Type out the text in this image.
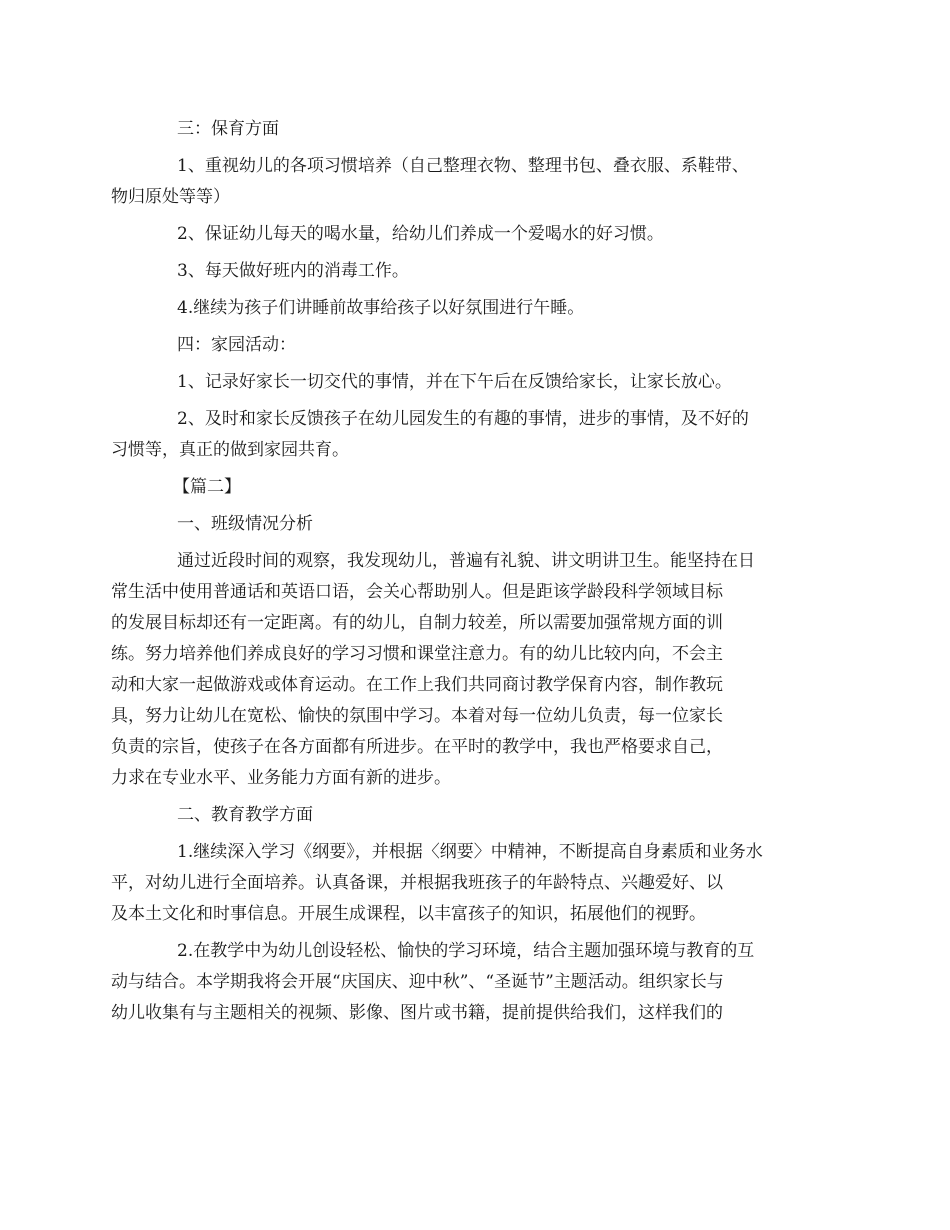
三：保育方面
1、重视幼儿的各项习惯培养（自己整理衣物、整理书包、叠衣服、系鞋带、
物归原处等等）
2、保证幼儿每天的喝水量，给幼儿们养成一个爱喝水的好习惯。
3、每天做好班内的消毒工作。
4.继续为孩子们讲睡前故事给孩子以好氛围进行午睡。
四：家园活动：
1、记录好家长一切交代的事情，并在下午后在反馈给家长，让家长放心。
2、及时和家长反馈孩子在幼儿园发生的有趣的事情，进步的事情，及不好的
习惯等，真正的做到家园共育。
【篇二】
一、班级情况分析
通过近段时间的观察，我发现幼儿，普遍有礼貌、讲文明讲卫生。能坚持在日
常生活中使用普通话和英语口语，会关心帮助别人。但是距该学龄段科学领域目标
的发展目标却还有一定距离。有的幼儿，自制力较差，所以需要加强常规方面的训
练。努力培养他们养成良好的学习习惯和课堂注意力。有的幼儿比较内向，不会主
动和大家一起做游戏或体育运动。在工作上我们共同商讨教学保育内容，制作教玩
具，努力让幼儿在宽松、愉快的氛围中学习。本着对每一位幼儿负责，每一位家长
负责的宗旨，使孩子在各方面都有所进步。在平时的教学中，我也严格要求自己，
力求在专业水平、业务能力方面有新的进步。
二、教育教学方面
1.继续深入学习《纲要》，并根据〈纲要〉中精神，不断提高自身素质和业务水
平，对幼儿进行全面培养。认真备课，并根据我班孩子的年龄特点、兴趣爱好、以
及本土文化和时事信息。开展生成课程，以丰富孩子的知识，拓展他们的视野。
2.在教学中为幼儿创设轻松、愉快的学习环境，结合主题加强环境与教育的互
动与结合。本学期我将会开展“庆国庆、迎中秋”、“圣诞节”主题活动。组织家长与
幼儿收集有与主题相关的视频、影像、图片或书籍，提前提供给我们，这样我们的
